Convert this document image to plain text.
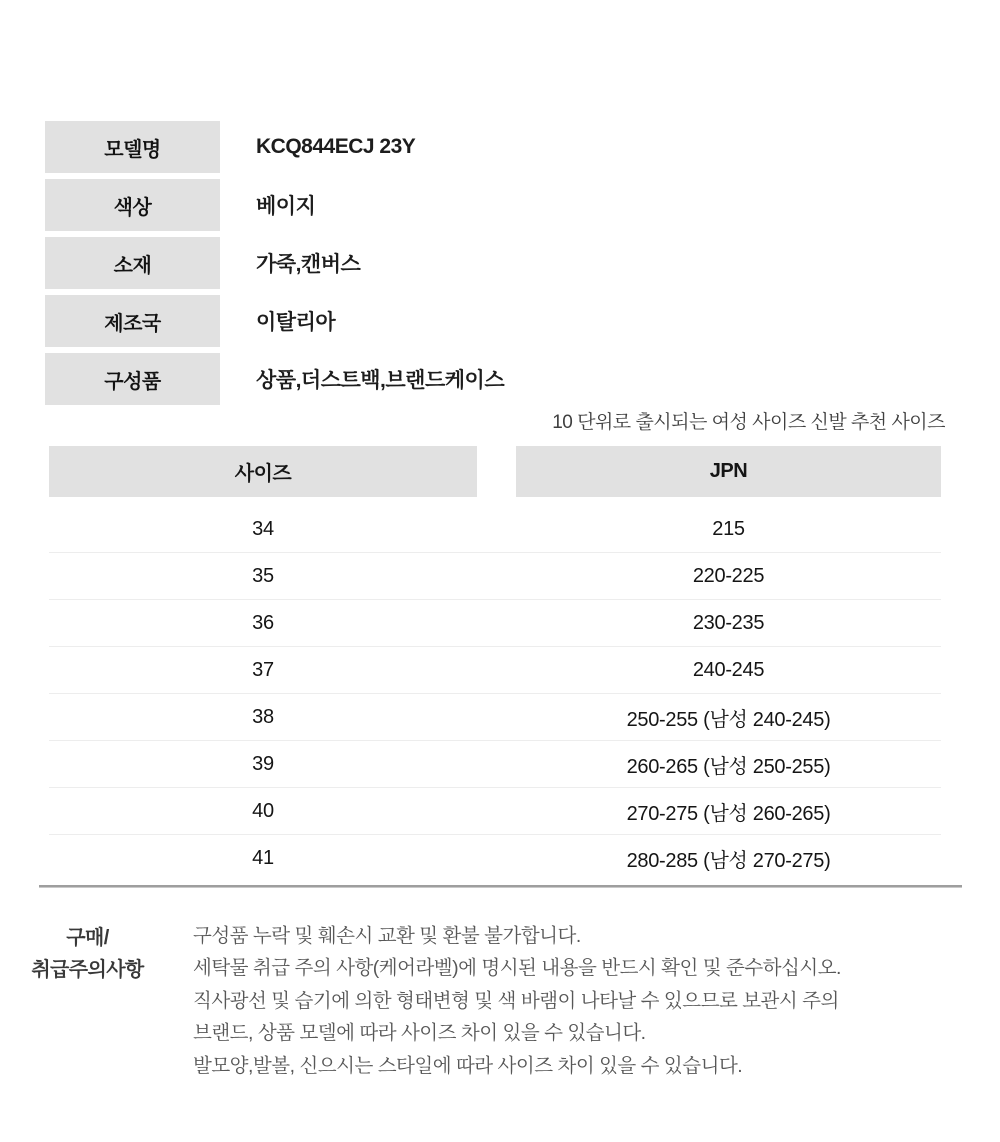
모델명	KCQ844ECJ 23Y
색상	베이지
소재	가죽,캔버스
제조국	이탈리아
구성품	상품,더스트백,브랜드케이스
10 단위로 출시되는 여성 사이즈 신발 추천 사이즈
사이즈	JPN
34	215
35	220-225
36	230-235
37	240-245
38	250-255 (남성 240-245)
39	260-265 (남성 250-255)
40	270-275 (남성 260-265)
41	280-285 (남성 270-275)
구매/
취급주의사항
구성품 누락 및 훼손시 교환 및 환불 불가합니다.
세탁물 취급 주의 사항(케어라벨)에 명시된 내용을 반드시 확인 및 준수하십시오.
직사광선 및 습기에 의한 형태변형 및 색 바램이 나타날 수 있으므로 보관시 주의
브랜드, 상품 모델에 따라 사이즈 차이 있을 수 있습니다.
발모양,발볼, 신으시는 스타일에 따라 사이즈 차이 있을 수 있습니다.
